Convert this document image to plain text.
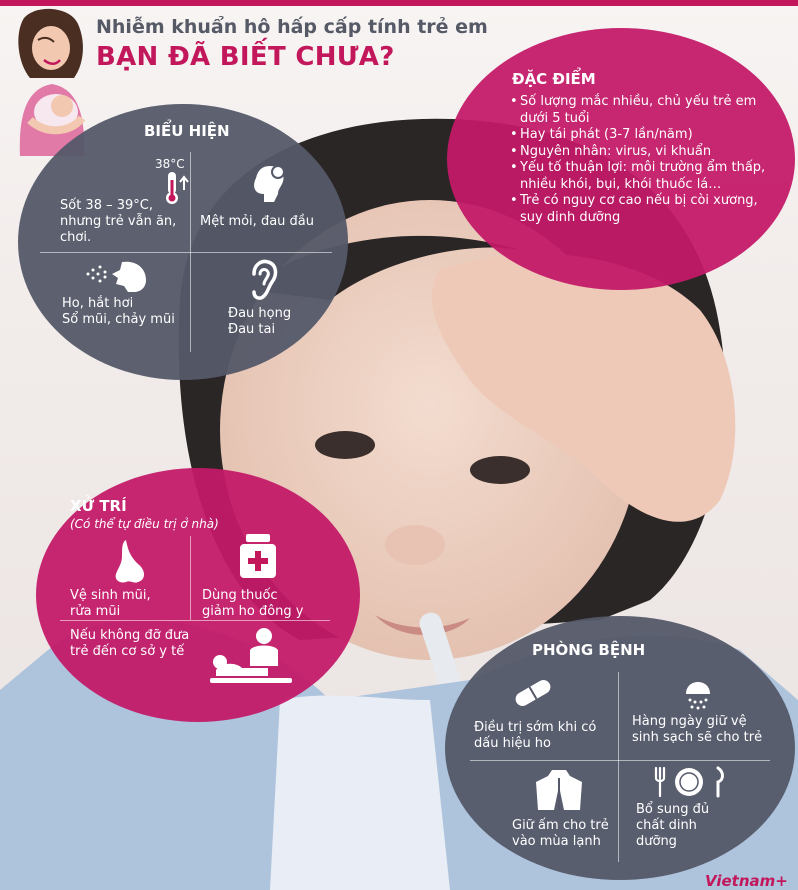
Nhiễm khuẩn hô hấp cấp tính trẻ em
BẠN ĐÃ BIẾT CHƯA?
ĐẶC ĐIỂM
• Số lượng mắc nhiều, chủ yếu trẻ em dưới 5 tuổi
• Hay tái phát (3-7 lần/năm)
• Nguyên nhân: virus, vi khuẩn
• Yếu tố thuận lợi: môi trường ẩm thấp, nhiều khói, bụi, khói thuốc lá…
• Trẻ có nguy cơ cao nếu bị còi xương, suy dinh dưỡng
BIỂU HIỆN
38°C
Sốt 38 – 39°C,
nhưng trẻ vẫn ăn,
chơi.
Mệt mỏi, đau đầu
Ho, hắt hơi
Sổ mũi, chảy mũi	Đau họng
Đau tai
XỬ TRÍ
(Có thể tự điều trị ở nhà)
Vệ sinh mũi,
rửa mũi
Dùng thuốc
giảm ho đông y
Nếu không đỡ đưa
trẻ đến cơ sở y tế	PHÒNG BỆNH
Điều trị sớm khi có
dấu hiệu ho
Hàng ngày giữ vệ
sinh sạch sẽ cho trẻ
Giữ ấm cho trẻ
vào mùa lạnh
Bổ sung đủ
chất dinh
dưỡng
Vietnam+
